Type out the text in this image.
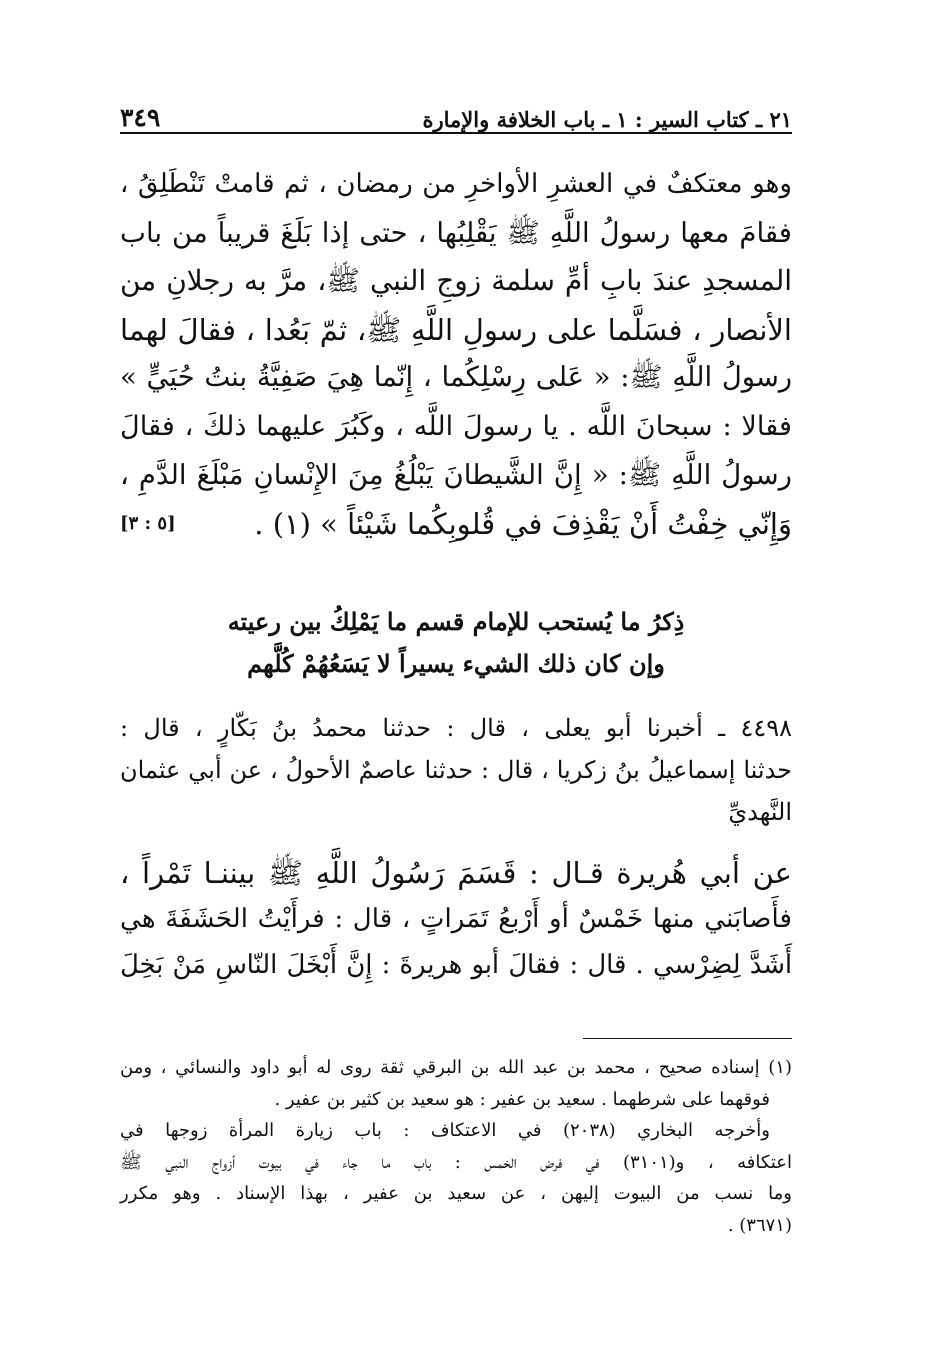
٢١ ـ كتاب السير : ١ ـ باب الخلافة والإمارة
٣٤٩
وهو معتكفٌ في العشرِ الأواخرِ من رمضان ، ثم قامتْ تَنْطَلِقُ ،
فقامَ معها رسولُ اللَّهِ ﷺ يَقْلِبُها ، حتى إذا بَلَغَ قريباً من باب
المسجدِ عندَ بابِ أمِّ سلمة زوجِ النبي ﷺ، مرَّ به رجلانِ من
الأنصار ، فسَلَّما على رسولِ اللَّهِ ﷺ، ثمّ بَعُدا ، فقالَ لهما
رسولُ اللَّهِ ﷺ: « عَلى رِسْلِكُما ، إِنّما هِيَ صَفِيَّةُ بنتُ حُيَيٍّ »
فقالا : سبحانَ اللَّه . يا رسولَ اللَّه ، وكَبُرَ عليهما ذلكَ ، فقالَ
رسولُ اللَّهِ ﷺ: « إِنَّ الشَّيطانَ يَبْلُغُ مِنَ الإِنْسانِ مَبْلَغَ الدَّمِ ،
وَإِنّي خِفْتُ أَنْ يَقْذِفَ في قُلوبِكُما شَيْئاً » (١) .
[٥ : ٣]
ذِكرُ ما يُستحب للإمام قسم ما يَمْلِكُ بين رعيته
وإن كان ذلك الشيء يسيراً لا يَسَعُهُمْ كُلَّهم
٤٤٩٨ ـ أخبرنا أبو يعلى ، قال : حدثنا محمدُ بنُ بَكّارٍ ، قال :
حدثنا إسماعيلُ بنُ زكريا ، قال : حدثنا عاصمٌ الأحولُ ، عن أبي عثمان
النَّهديِّ
عن أبي هُريرة قـال : قَسَمَ رَسُولُ اللَّهِ ﷺ بيننـا تَمْراً ،
فأَصابَني منها خَمْسٌ أو أَرْبعُ تَمَراتٍ ، قال : فرأَيْتُ الحَشَفَةَ هي
أَشَدَّ لِضِرْسي . قال : فقالَ أبو هريرةَ : إِنَّ أَبْخَلَ النّاسِ مَنْ بَخِلَ
(١) إسناده صحيح ، محمد بن عبد الله بن البرقي ثقة روى له أبو داود والنسائي ، ومن
فوقهما على شرطهما . سعيد بن عفير : هو سعيد بن كثير بن عفير .
وأخرجه البخاري (٢٠٣٨) في الاعتكاف : باب زيارة المرأة زوجها في
اعتكافه ، و(٣١٠١) في فرض الخمس : باب ما جاء في بيوت أزواج النبي ﷺ
وما نسب من البيوت إليهن ، عن سعيد بن عفير ، بهذا الإسناد . وهو مكرر
(٣٦٧١) .
